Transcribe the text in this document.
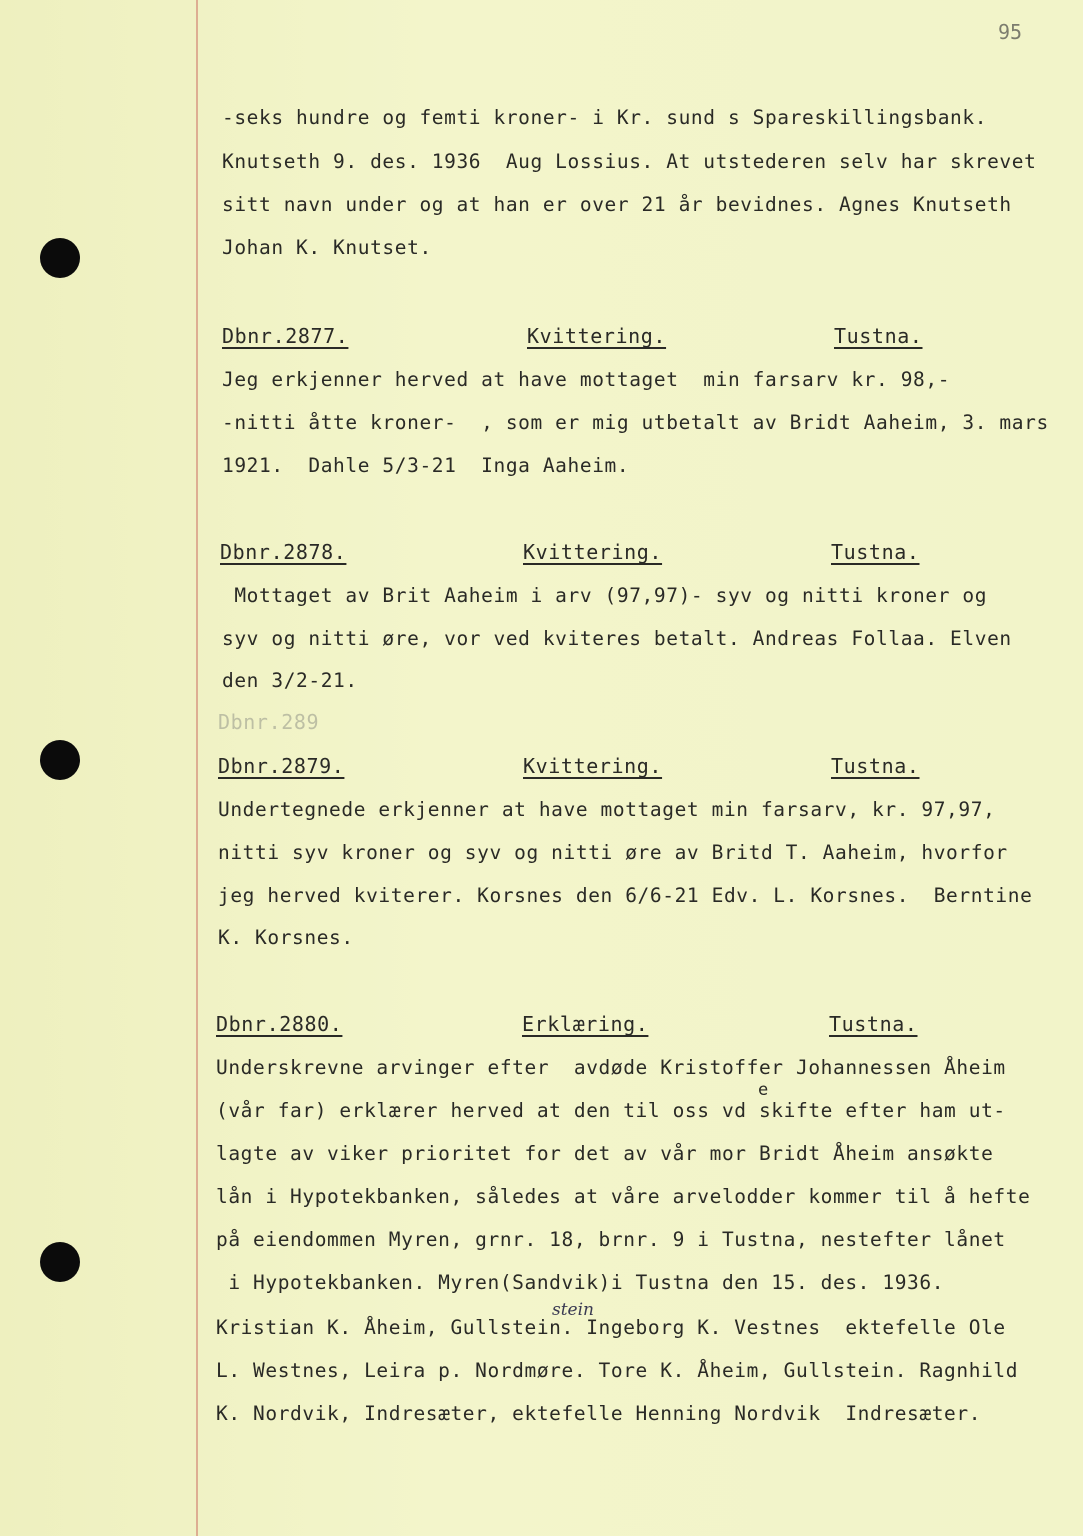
95
-seks hundre og femti kroner- i Kr. sund s Spareskillingsbank.
Knutseth 9. des. 1936  Aug Lossius. At utstederen selv har skrevet
sitt navn under og at han er over 21 år bevidnes. Agnes Knutseth
Johan K. Knutset.
Dbnr.2877.	Kvittering.	Tustna.
Jeg erkjenner herved at have mottaget  min farsarv kr. 98,-
-nitti åtte kroner-  , som er mig utbetalt av Bridt Aaheim, 3. mars
1921.  Dahle 5/3-21  Inga Aaheim.
Dbnr.2878.	Kvittering.	Tustna.
Mottaget av Brit Aaheim i arv (97,97)- syv og nitti kroner og
syv og nitti øre, vor ved kviteres betalt. Andreas Follaa. Elven
den 3/2-21.
Dbnr.289
Dbnr.2879.	Kvittering.	Tustna.
Undertegnede erkjenner at have mottaget min farsarv, kr. 97,97,
nitti syv kroner og syv og nitti øre av Britd T. Aaheim, hvorfor
jeg herved kviterer. Korsnes den 6/6-21 Edv. L. Korsnes.  Berntine
K. Korsnes.
Dbnr.2880.	Erklæring.	Tustna.
Underskrevne arvinger efter  avdøde Kristoffer Johannessen Åheim
e
(vår far) erklærer herved at den til oss vd skifte efter ham ut-
lagte av viker prioritet for det av vår mor Bridt Åheim ansøkte
lån i Hypotekbanken, således at våre arvelodder kommer til å hefte
på eiendommen Myren, grnr. 18, brnr. 9 i Tustna, nestefter lånet
i Hypotekbanken. Myren(Sandvik)i Tustna den 15. des. 1936.
stein
Kristian K. Åheim, Gullstein. Ingeborg K. Vestnes  ektefelle Ole
L. Westnes, Leira p. Nordmøre. Tore K. Åheim, Gullstein. Ragnhild
K. Nordvik, Indresæter, ektefelle Henning Nordvik  Indresæter.
